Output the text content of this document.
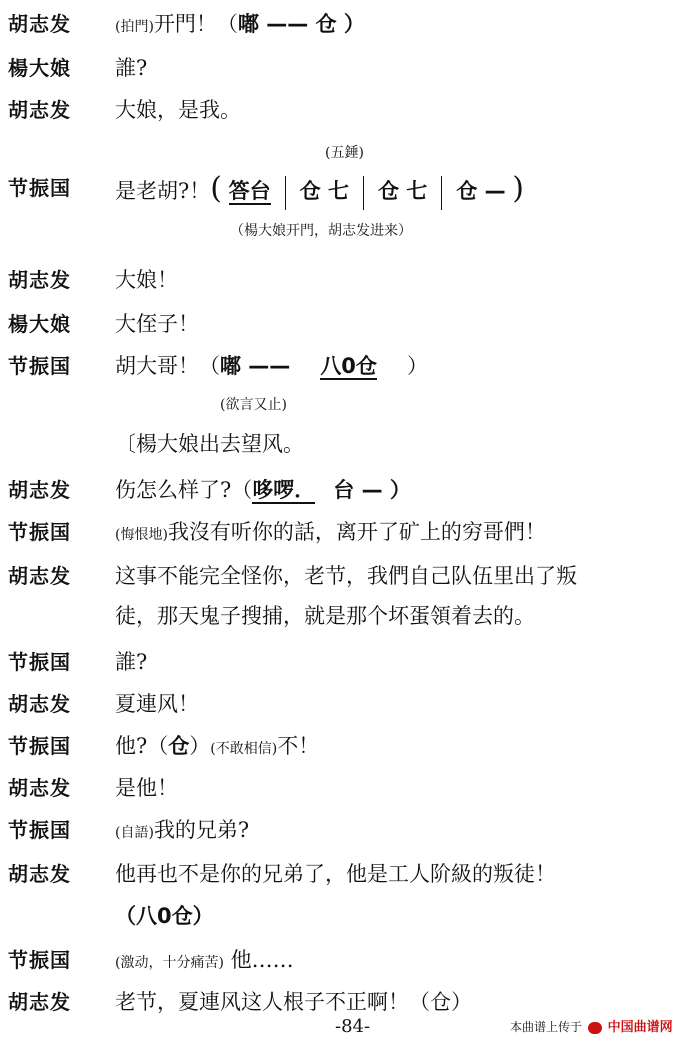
胡志发	(拍門)开門！（嘟 —— 仓 ）
楊大娘	誰?
胡志发	大娘，是我。
(五錘)
节振国	是老胡?！( 答台 仓 七 仓 七 仓 — )
（楊大娘开門，胡志发进来）
胡志发	大娘！
楊大娘	大侄子！
节振国	胡大哥！（嘟 —— 八0仓 ）
(欲言又止)
〔楊大娘出去望风。
胡志发	伤怎么样了?（哆啰． 台 — ）
节振国	(悔恨地)我沒有听你的話，离开了矿上的穷哥們！
胡志发	这事不能完全怪你，老节，我們自己队伍里出了叛
徒，那天鬼子搜捕，就是那个坏蛋領着去的。
节振国	誰?
胡志发	夏連风！
节振国	他?（仓）(不敢相信)不！
胡志发	是他！
节振国	(自語)我的兄弟?
胡志发	他再也不是你的兄弟了，他是工人阶級的叛徒！
（八0仓）
节振国	(激动，十分痛苦) 他……
胡志发	老节，夏連风这人根子不正啊！（仓）
-84-	本曲谱上传于 中国曲谱网
